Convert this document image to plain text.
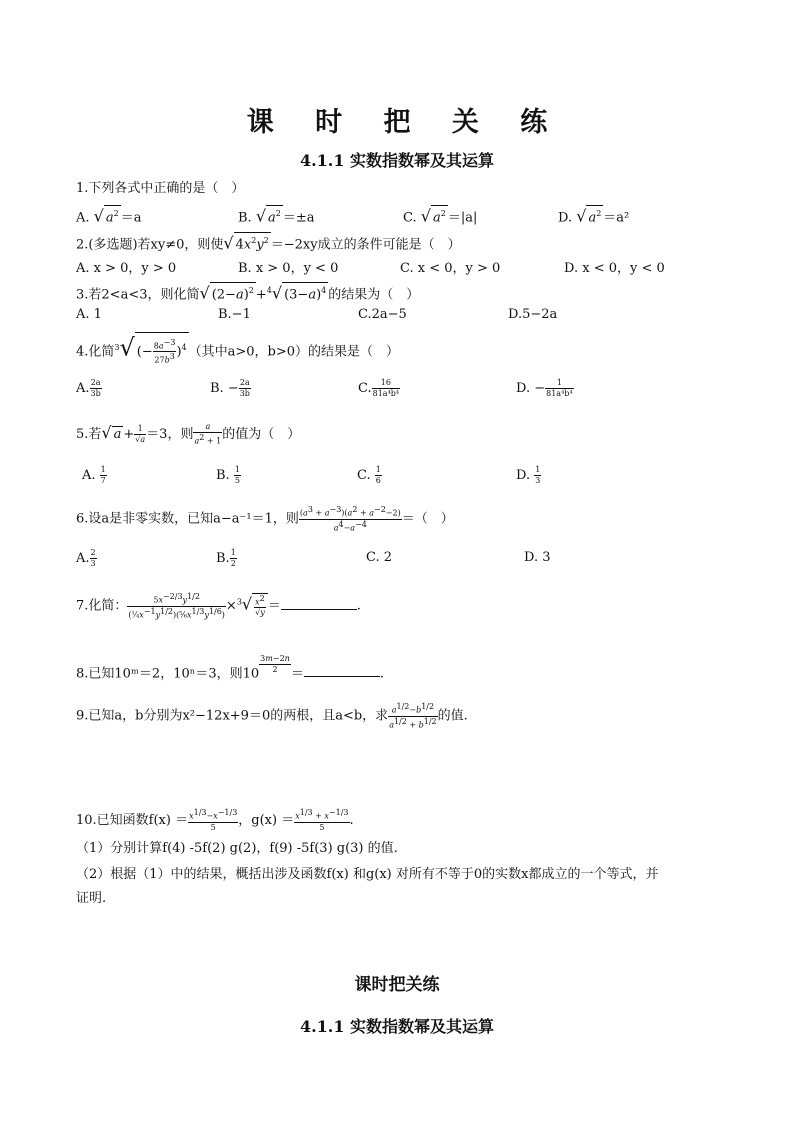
课 时 把 关 练
4.1.1 实数指数幂及其运算
1.下列各式中正确的是（　）
A. √ $a^2 =a$	B. √ $a^2 =\pm a$	C. √ $a^2 =|a|$	D. √ $a^2 =a^2$
2.(多选题)若xy≠0，则使√ $4x^2y^2 =-2xy$成立的条件可能是（　）
A. x > 0，y > 0	B. x > 0，y < 0	C. x < 0，y > 0	D. x < 0，y < 0
3.若2<a<3，则化简√ $(2-a)^2 +^4√$ $(3-a)^4$ 的结果为（　）
A. 1	B.−1	C.2a−5	D.5−2a
4.化简$^3$√ (− $\frac{8a-3}{27b3} )^4$ （其中a>0，b>0）的结果是（　）
A. $\frac{2a}{3b}$	B. − $\frac{2a}{3b}$	C. $\frac{16}{\text{81a⁴b⁴}}$	D. − $\frac{1}{\text{81a⁴b⁴}}$
5.若√ $a + \frac{1}{√a} =3$，则 $\frac{a}{a2 + 1}$ 的值为（　）
A. $\frac{1}{7}$	B. $\frac{1}{5}$	C. $\frac{1}{6}$	D. $\frac{1}{3}$
6.设a是非零实数，已知a−a⁻¹＝1，则 $\frac{(a3 + a-3)(a2 + a-2-2)}{a4-a-4}$ ＝（　）
A. $\frac{2}{3}$	B. $\frac{1}{2}$	C. 2	D. 3
7.化简： $\frac{5x-2/3y1/2}{\text{(¼x−1y1/2)(⅚x1/3y1/6)}} \times^3√ \frac{x2}{√y}$ ＝	.
8.已知10ᵐ＝2，10ⁿ＝3，则$10 \frac{3m-2n}{2}$ ＝	.
9.已知a，b分别为x²−12x+9＝0的两根，且a<b，求 $\frac{a1/2-b1/2}{a1/2 + b1/2}$ 的值.
10.已知函数$f(x) = \frac{x1/3-x-1/3}{5}$ ，$g(x) = \frac{x1/3 + x-1/3}{5}$ .
（1）分别计算f(4) -5f(2) g(2)，f(9) -5f(3) g(3) 的值.
（2）根据（1）中的结果，概括出涉及函数f(x) 和g(x) 对所有不等于0的实数x都成立的一个等式，并
证明.
课时把关练
4.1.1 实数指数幂及其运算
